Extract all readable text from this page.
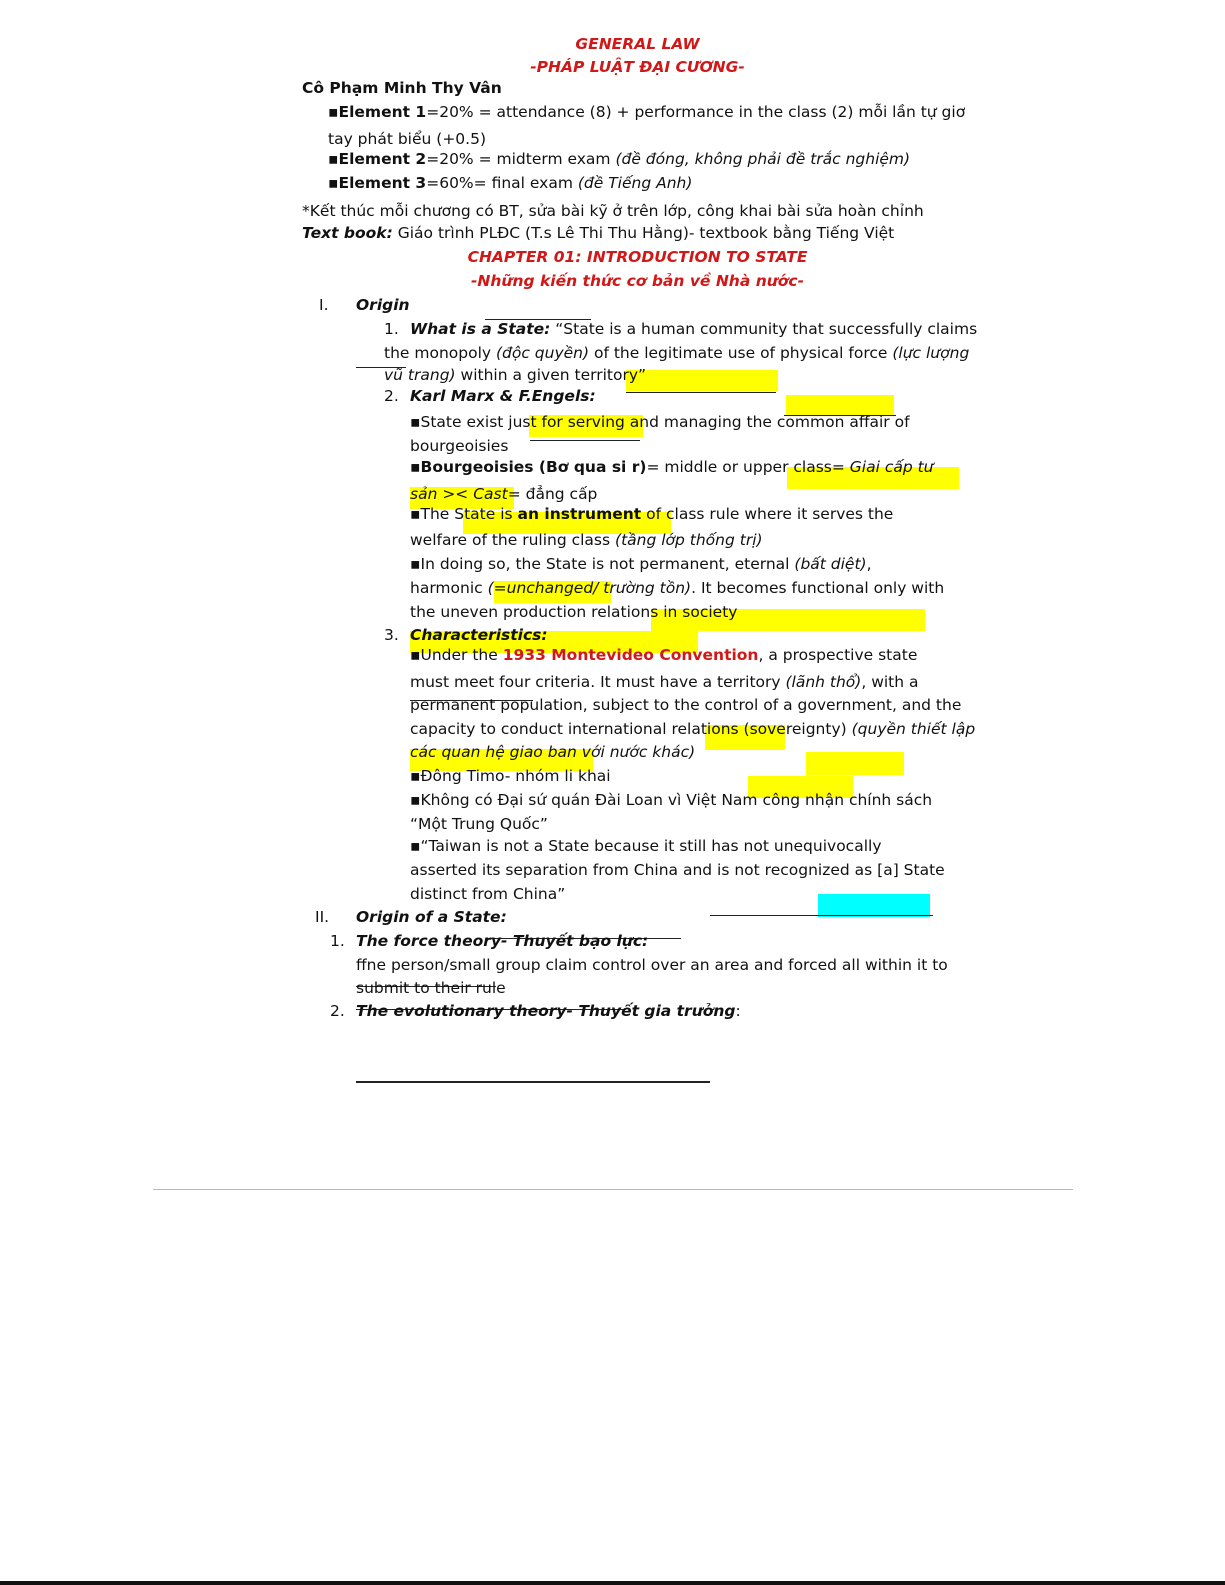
GENERAL LAW
-PHÁP LUẬT ĐẠI CƯƠNG-
Cô Phạm Minh Thy Vân
▪Element 1=20% = attendance (8) + performance in the class (2) mỗi lần tự giơ
tay phát biểu (+0.5)
▪Element 2=20% = midterm exam (đề đóng, không phải đề trắc nghiệm)
▪Element 3=60%= final exam (đề Tiếng Anh)
*Kết thúc mỗi chương có BT, sửa bài kỹ ở trên lớp, công khai bài sửa hoàn chỉnh
Text book: Giáo trình PLĐC (T.s Lê Thi Thu Hằng)- textbook bằng Tiếng Việt
CHAPTER 01: INTRODUCTION TO STATE
-Những kiến thức cơ bản về Nhà nước-
I. Origin
1. What is a State: “State is a human community that successfully claims
the monopoly (độc quyền) of the legitimate use of physical force (lực lượng
vũ trang) within a given territory”
2. Karl Marx & F.Engels:
▪State exist just for serving and managing the common affair of
bourgeoisies
▪Bourgeoisies (Bơ qua si r)= middle or upper class= Giai cấp tư
sản >< Cast= đẳng cấp
▪The State is an instrument of class rule where it serves the
welfare of the ruling class (tầng lớp thống trị)
▪In doing so, the State is not permanent, eternal (bất diệt),
harmonic (=unchanged/ trường tồn). It becomes functional only with
the uneven production relations in society
3. Characteristics:
▪Under the 1933 Montevideo Convention, a prospective state
must meet four criteria. It must have a territory (lãnh thổ), with a
permanent population, subject to the control of a government, and the
capacity to conduct international relations (sovereignty) (quyền thiết lập
các quan hệ giao ban với nước khác)
▪Đông Timo- nhóm li khai
▪Không có Đại sứ quán Đài Loan vì Việt Nam công nhận chính sách
“Một Trung Quốc”
▪“Taiwan is not a State because it still has not unequivocally
asserted its separation from China and is not recognized as [a] State
distinct from China”
II. Origin of a State:
1. The force theory- Thuyết bạo lực:
ffne person/small group claim control over an area and forced all within it to
submit to their rule
2. The evolutionary theory- Thuyết gia trưởng:
